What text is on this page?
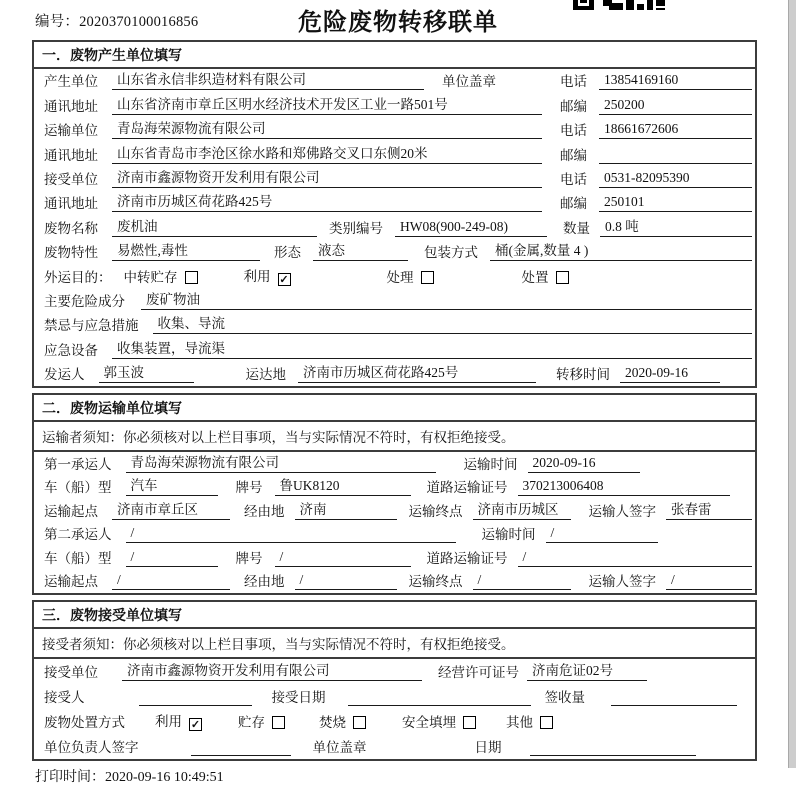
编号：2020370100016856	危险废物转移联单
一．废物产生单位填写
产生单位	山东省永信非织造材料有限公司	单位盖章	电话	13854169160
通讯地址	山东省济南市章丘区明水经济技术开发区工业一路501号	邮编	250200
运输单位	青岛海荣源物流有限公司	电话	18661672606
通讯地址	山东省青岛市李沧区徐水路和郑佛路交叉口东侧20米	邮编
接受单位	济南市鑫源物资开发利用有限公司	电话	0531-82095390
通讯地址	济南市历城区荷花路425号	邮编	250101
废物名称	废机油	类别编号	HW08(900-249-08)	数量	0.8 吨
废物特性	易燃性,毒性	形态	液态	包装方式	桶(金属,数量 4 )
外运目的： 中转贮存	利用 ✓	处理	处置
主要危险成分	废矿物油
禁忌与应急措施	收集、导流
应急设备	收集装置，导流渠
发运人	郭玉波	运达地	济南市历城区荷花路425号	转移时间	2020-09-16
二．废物运输单位填写
运输者须知：你必须核对以上栏目事项，当与实际情况不符时，有权拒绝接受。
第一承运人	青岛海荣源物流有限公司	运输时间	2020-09-16
车（船）型	汽车	牌号	鲁UK8120	道路运输证号	370213006408
运输起点	济南市章丘区	经由地	济南	运输终点	济南市历城区	运输人签字	张春雷
第二承运人	/	运输时间	/
车（船）型	/	牌号	/	道路运输证号	/
运输起点	/	经由地	/	运输终点	/	运输人签字	/
三．废物接受单位填写
接受者须知：你必须核对以上栏目事项，当与实际情况不符时，有权拒绝接受。
接受单位	济南市鑫源物资开发利用有限公司	经营许可证号 济南危证02号
接受人	接受日期	签收量
废物处置方式 利用 ✓	贮存	焚烧	安全填埋	其他
单位负责人签字	单位盖章	日期
打印时间：2020-09-16 10:49:51
